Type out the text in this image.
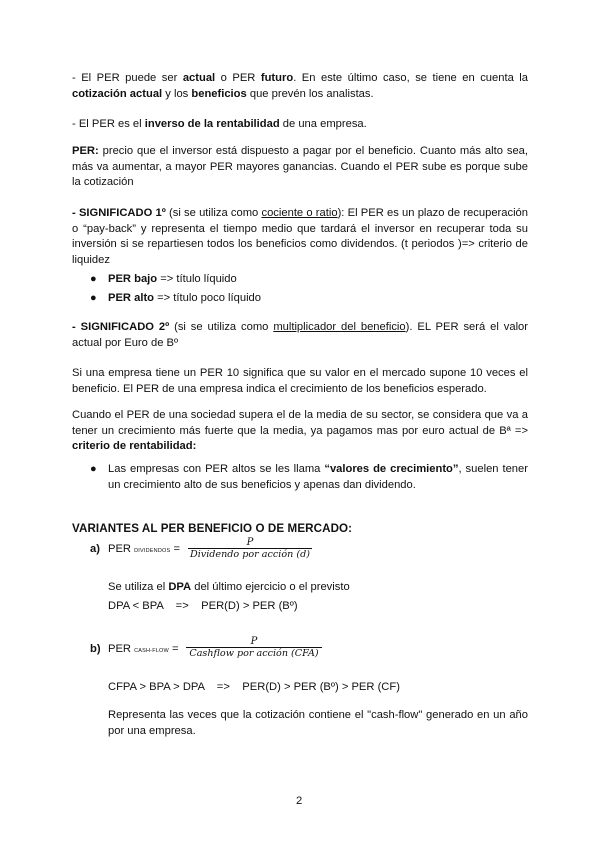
- El PER puede ser actual o PER futuro. En este último caso, se tiene en cuenta la cotización actual y los beneficios que prevén los analistas.

- El PER es el inverso de la rentabilidad de una empresa.

PER: precio que el inversor está dispuesto a pagar por el beneficio. Cuanto más alto sea, más va aumentar, a mayor PER mayores ganancias. Cuando el PER sube es porque sube la cotización

- SIGNIFICADO 1º (si se utiliza como cociente o ratio): El PER es un plazo de recuperación o “pay-back” y representa el tiempo medio que tardará el inversor en recuperar toda su inversión si se repartiesen todos los beneficios como dividendos. (t periodos )=> criterio de liquidez

● PER bajo => título líquido
● PER alto => título poco líquido

- SIGNIFICADO 2º (si se utiliza como multiplicador del beneficio). EL PER será el valor actual por Euro de Bº

Si una empresa tiene un PER 10 significa que su valor en el mercado supone 10 veces el beneficio. El PER de una empresa indica el crecimiento de los beneficios esperado.

Cuando el PER de una sociedad supera el de la media de su sector, se considera que va a tener un crecimiento más fuerte que la media, ya pagamos mas por euro actual de Bª => criterio de rentabilidad:

● Las empresas con PER altos se les llama “valores de crecimiento”, suelen tener un crecimiento alto de sus beneficios y apenas dan dividendo.
VARIANTES AL PER BENEFICIO O DE MERCADO:
a) PER DIVIDENDOS =
P
Dividendo por acción (d)
Se utiliza el DPA del último ejercicio o el previsto
DPA < BPA    =>    PER(D) > PER (Bº)
b) PER CASH-FLOW =
P
Cashflow por acción (CFA)
CFPA > BPA > DPA    =>    PER(D) > PER (Bº) > PER (CF)
Representa las veces que la cotización contiene el "cash-flow" generado en un año por una empresa.
2
